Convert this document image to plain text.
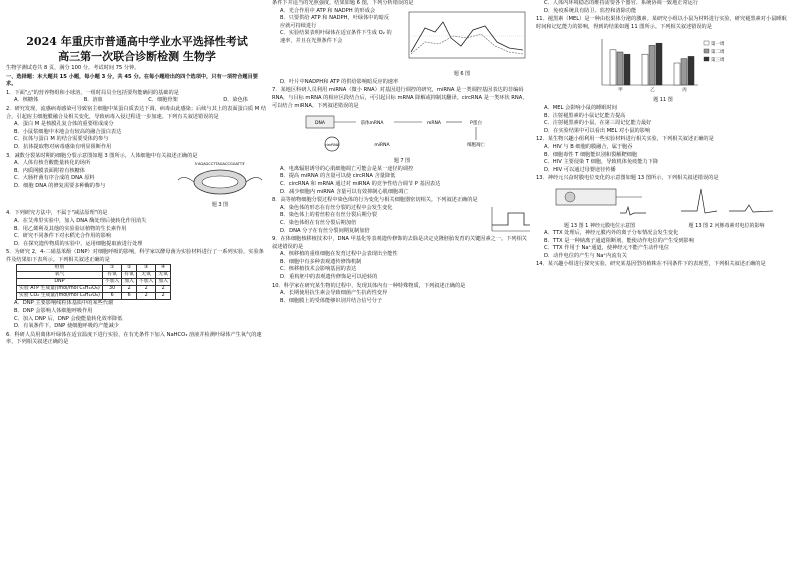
2024 年重庆市普通高中学业水平选择性考试
高三第一次联合诊断检测 生物学

生物学测试卷共 8 页，满分 100 分。考试时间 75 分钟。

一、选择题：本大题共 15 小题，每小题 3 分，共 45 分。在每小题给出的四个选项中，只有一项符合题目要求。

1．下面"△"的营养物组和小球溶，一组时局员全包括要均能确同的基础的是

A．核糖体	B．溶血	C．细胞骨架	D．染色体

2．研究发现，流感病毒感染可导致宿主细胞中某蛋白质表达下调，病毒由此感染；后续与其上的表面蛋白质 M 结合，引起宿主细胞膜融合及相关变化，导致病毒入侵过程进一步加速。下列有关叙述错误的是

A．蛋白 M 是核膜孔复合体的重要组成成分

B．小鼠浆细胞中本地会有较高的融合蛋白表达

C．抗体与蛋白 M 的结合需要受体的参与

D．抗体提取物对病毒感染有明显阻断作用

3．减数分裂某时期的细胞分裂示意图如题 3 图所示，人体细胞中有关叙述正确的是

A．人体有核苷酸能量转化的场所

B．内质网膜表面附着有核糖体

C．大肠杆菌有序合成的 DNA 原料

D．细胞 DNA 的修复需要多种酶的参与

5'AGAGCCTTAGACCGGATT3'
题 3 图

4．下列研究方法中，不属于"减法原理"的是

A．在艾弗里实验中，加入 DNA 酶处理后使转化作用消失

B．用乙烯利及其他的实验验证植物的生长素作用

C．研究不同条件下对水稻光合作用的影响

D．在探究遗传物质的实验中，运用细胞提取液进行处理

5．为研究 2，4-二硝基苯酚（DNP）对细胞呼吸的影响，科学家以酵母菌为实验材料进行了一系列实验，实验条件及结果如下表所示。下列相关叙述正确的是

组别	①	②	③	④
氧气	有氧	有氧	无氧	无氧
DNP	不加入	加入	不加入	加入
实验 ATP 生成量/(mol/mol C₆H₁₂O₆)	30	2	2	2
实验 CO₂ 生成量/(mol/mol C₆H₁₂O₆)	6	6	2	2

A．DNP 主要影响线粒体基质中的某些代谢

B．DNP 会影响人体细胞呼吸作用

C．加入 DNP 后，DNP 会使能量转化效率降低

D．有氧条件下，DNP 使细胞呼吸的产能减少

6．科研人员用离体叶绿体在适宜温度下进行实验，在有光条件下加入 NaHCO₃ 溶液并检测叶绿体产生氧气的速率，下列相关叙述正确的是

条件下并适当的光照强度，结果如题 6 图，下列分析错误的是

A．光合作用中 ATP 和 NADPH 的形成会

B．只要供给 ATP 和 NADPH，叶绿体中的暗反应就可持续进行

C．实验结果表明叶绿体在适宜条件下生成 O₂ 的速率，并且在光照条件下会

题 6 图

D．叶片中NADPH和 ATP 的供给影响暗反应的速率

7．某地区科研人员利用 miRNA（微小 RNA）对基因进行调控的研究，miRNA 是一类调控基因表达的非编码 RNA，与目标 mRNA 的相应区段结合后，可引起目标 mRNA 降解或抑制其翻译。circRNA 是一类环状 RNA，可以结合 miRNA。下列叙述错误的是

DNA	前体mRNA
circRNA	miRNA
mRNA	P蛋白
细胞凋亡
题 7 图

A．电离辐射诱导的心肌细胞凋亡可能会是某一途径的调控

B．提高 miRNA 的含量可以使 circRNA 含量降低

C．circRNA 和 mRNA 通过对 miRNA 的竞争性结合调节 P 基因表达

D．减少细胞内 miRNA 含量可以有效抑制心肌细胞凋亡

8．高等植物细胞分裂过程中染色体的行为变化与相关细胞器密切相关。下列叙述正确的是

A．染色体的形态在有丝分裂的过程中会发生变化

B．染色体上的着丝粒在有丝分裂后期分裂

C．染色体组在有丝分裂后期加倍

D．DNA 分子在有丝分裂间期复制加倍

9．在体细胞核移植技术中，DNA 甲基化等表观遗传修饰的去除是决定克隆胚胎发育的关键因素之一。下列相关叙述错误的是

A．核移植的重组细胞在发育过程中会表现出全能性

B．细胞中有多种表观遗传修饰机制

C．核移植技术会影响基因的表达

D．重构胚中的表观遗传修饰是可以逆转的

10．科学家在研究某生物的过程中，发现其体内有一种特殊物质，下列叙述正确的是

A．长期使用抗生素会导致细菌产生抗药性变异

B．细胞膜上的受体能够识别并结合信号分子

C．人体内环境稳态的维持需要各个器官、系统协调一致地正常运行

D．免疫系统具有防卫、监控和清除功能

11．褪黑素（MEL）是一种由松果体分泌的激素。某研究小组以小鼠为材料进行实验，研究褪黑素对小鼠睡眠时间和记忆能力的影响，得到的结果如题 11 图所示。下列相关叙述错误的是

甲	乙	丙
第一周
第二周
第三周
题 11 图

A．MEL 会影响小鼠的睡眠时间

B．注射褪黑素的小鼠记忆能力提高

C．注射褪黑素的小鼠，在第三周记忆能力最好

D．在实验结果中可以看出 MEL 对小鼠的影响

12．某生物兴趣小组利用一些实验材料进行相关实验，下列相关叙述正确的是

A．HIV 与 B 细胞的膜融合，属于胞吞

B．细胞毒性 T 细胞能识别和裂解靶细胞

C．HIV 主要侵染 T 细胞，导致机体免疫能力下降

D．HIV 可以通过母婴途径传播

13．神经元兴奋时膜电位变化的示意图如题 13 图所示，下列相关叙述错误的是

题 13 图 1 神经元膜电位示意图	题 13 图 2 河豚毒素对电位的影响

A．TTX 处理后，神经元膜内外的离子分布情况会发生变化

B．TTX 是一种钠离子通道阻断剂，能使动作电位的产生受到影响

C．TTX 作用于 Na⁺通道，使神经元不能产生动作电位

D．动作电位的产生与 Na⁺内流有关

14．某兴趣小组进行探究实验，研究某基因型的植株在不同条件下的表现型，下列相关叙述正确的是
